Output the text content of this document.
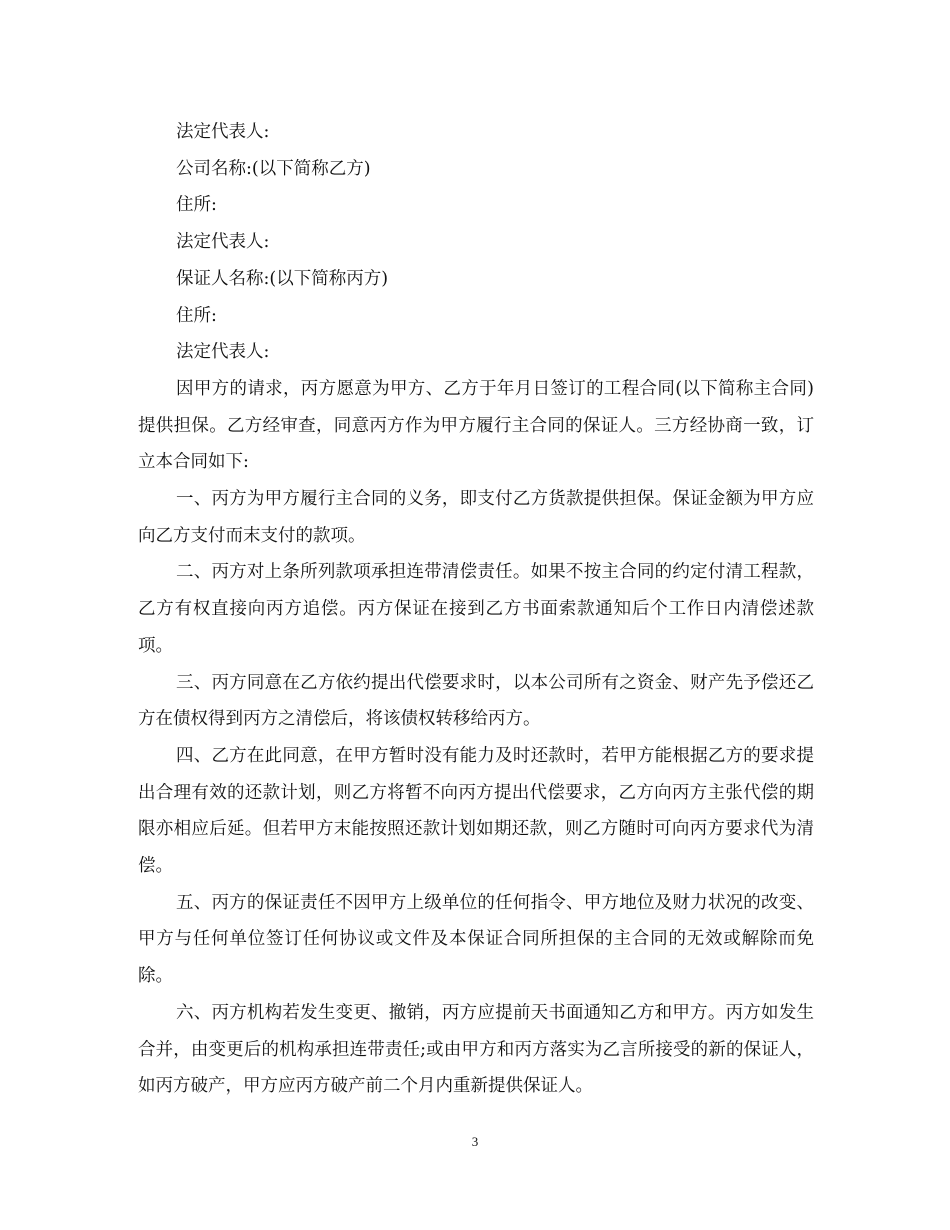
法定代表人:

公司名称:(以下简称乙方)

住所:

法定代表人:

保证人名称:(以下简称丙方)

住所:

法定代表人:

因甲方的请求，丙方愿意为甲方、乙方于年月日签订的工程合同(以下简称主合同)提供担保。乙方经审查，同意丙方作为甲方履行主合同的保证人。三方经协商一致，订立本合同如下:

一、丙方为甲方履行主合同的义务，即支付乙方货款提供担保。保证金额为甲方应向乙方支付而末支付的款项。

二、丙方对上条所列款项承担连带清偿责任。如果不按主合同的约定付清工程款，乙方有权直接向丙方追偿。丙方保证在接到乙方书面索款通知后个工作日内清偿述款项。

三、丙方同意在乙方依约提出代偿要求时，以本公司所有之资金、财产先予偿还乙方在债权得到丙方之清偿后，将该债权转移给丙方。

四、乙方在此同意，在甲方暂时没有能力及时还款时，若甲方能根据乙方的要求提出合理有效的还款计划，则乙方将暂不向丙方提出代偿要求，乙方向丙方主张代偿的期限亦相应后延。但若甲方末能按照还款计划如期还款，则乙方随时可向丙方要求代为清偿。

五、丙方的保证责任不因甲方上级单位的任何指令、甲方地位及财力状况的改变、甲方与任何单位签订任何协议或文件及本保证合同所担保的主合同的无效或解除而免除。

六、丙方机构若发生变更、撤销，丙方应提前天书面通知乙方和甲方。丙方如发生合并，由变更后的机构承担连带责任;或由甲方和丙方落实为乙言所接受的新的保证人，如丙方破产，甲方应丙方破产前二个月内重新提供保证人。

3
